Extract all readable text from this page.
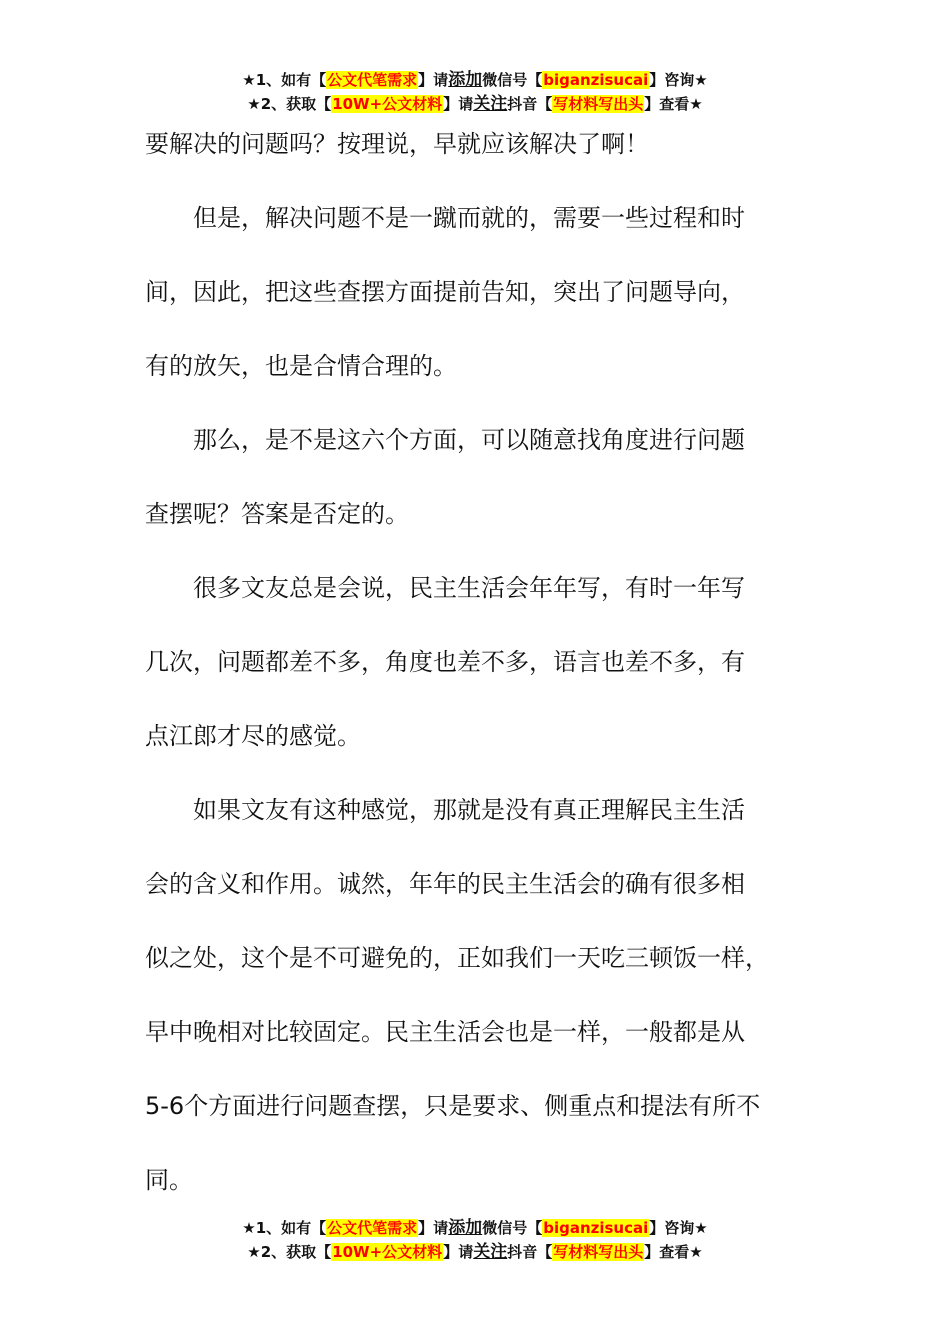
★1、如有【公文代笔需求】请添加微信号【biganzisucai】咨询★
★2、获取【10W+公文材料】请关注抖音【写材料写出头】查看★
要解决的问题吗？按理说，早就应该解决了啊！
但是，解决问题不是一蹴而就的，需要一些过程和时
间，因此，把这些查摆方面提前告知，突出了问题导向，
有的放矢，也是合情合理的。
那么，是不是这六个方面，可以随意找角度进行问题
查摆呢？答案是否定的。
很多文友总是会说，民主生活会年年写，有时一年写
几次，问题都差不多，角度也差不多，语言也差不多，有
点江郎才尽的感觉。
如果文友有这种感觉，那就是没有真正理解民主生活
会的含义和作用。诚然，年年的民主生活会的确有很多相
似之处，这个是不可避免的，正如我们一天吃三顿饭一样，
早中晚相对比较固定。民主生活会也是一样，一般都是从
5-6个方面进行问题查摆，只是要求、侧重点和提法有所不
同。
★1、如有【公文代笔需求】请添加微信号【biganzisucai】咨询★
★2、获取【10W+公文材料】请关注抖音【写材料写出头】查看★
